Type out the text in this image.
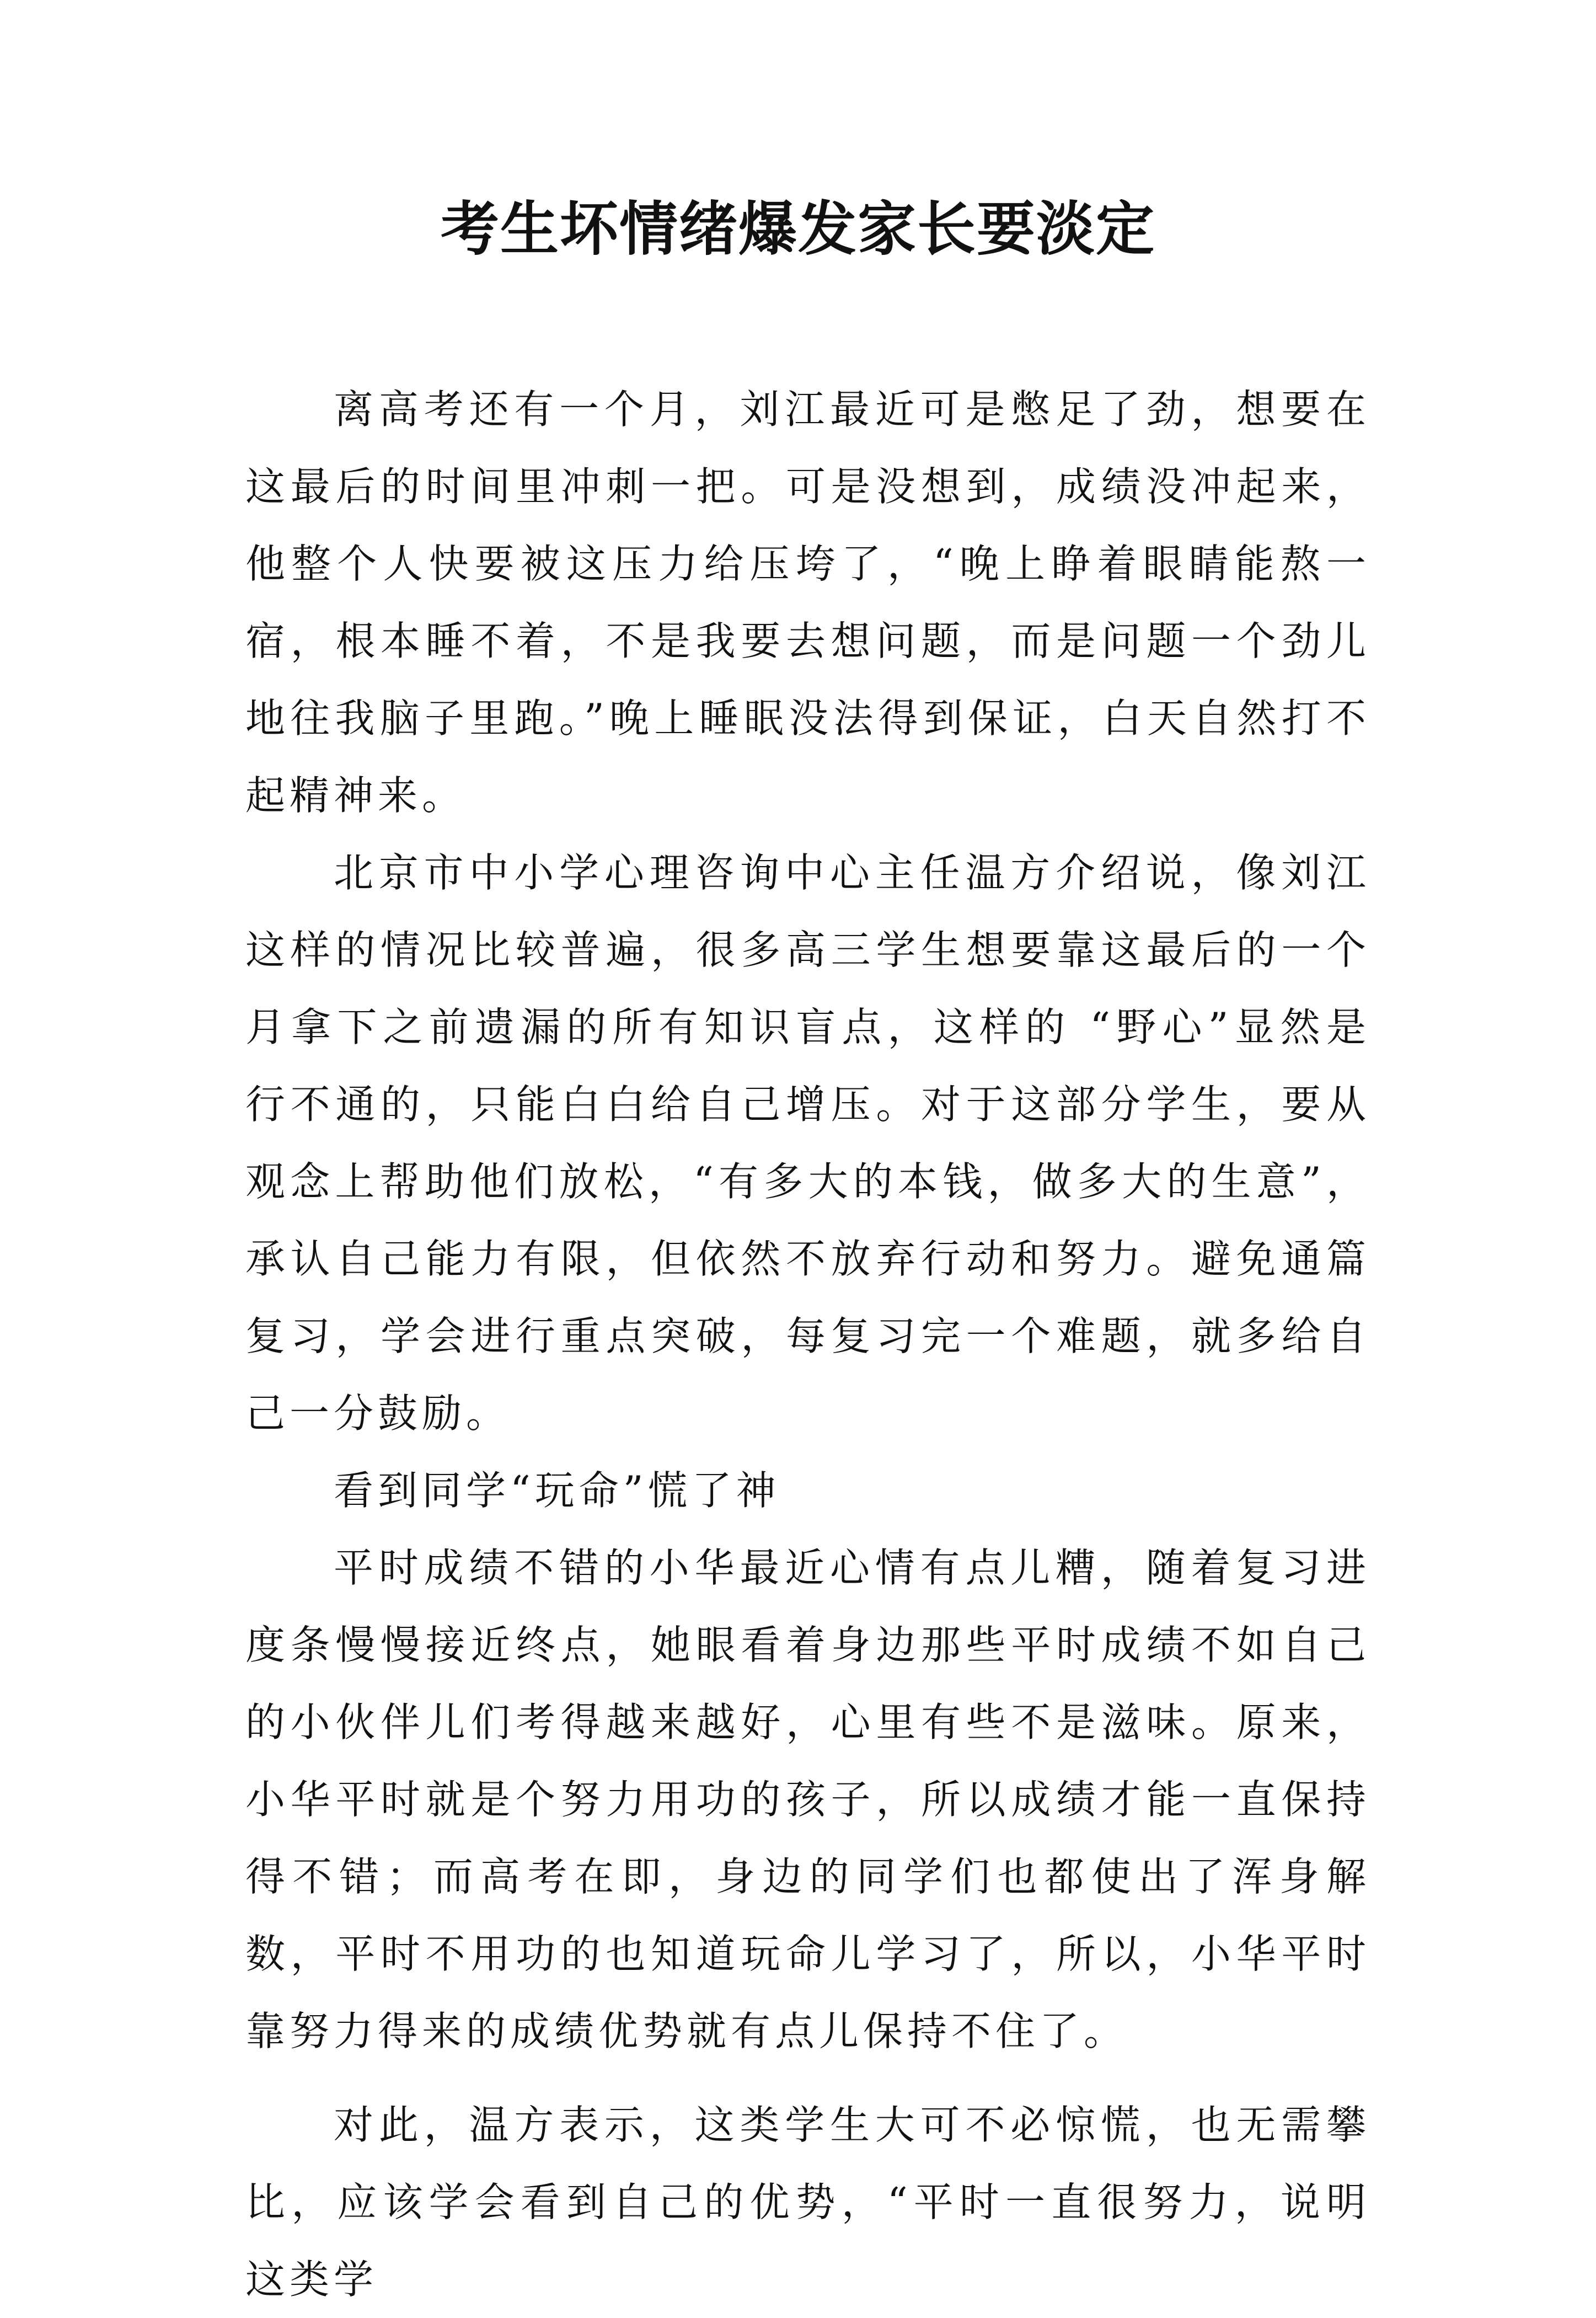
考生坏情绪爆发家长要淡定

离高考还有一个月，刘江最近可是憋足了劲，想要在这最后的时间里冲刺一把。可是没想到，成绩没冲起来，他整个人快要被这压力给压垮了，“晚上睁着眼睛能熬一宿，根本睡不着，不是我要去想问题，而是问题一个劲儿地往我脑子里跑。”晚上睡眠没法得到保证，白天自然打不起精神来。

北京市中小学心理咨询中心主任温方介绍说，像刘江这样的情况比较普遍，很多高三学生想要靠这最后的一个月拿下之前遗漏的所有知识盲点，这样的 “野心”显然是行不通的，只能白白给自己增压。对于这部分学生，要从观念上帮助他们放松，“有多大的本钱，做多大的生意”，承认自己能力有限，但依然不放弃行动和努力。避免通篇复习，学会进行重点突破，每复习完一个难题，就多给自己一分鼓励。

看到同学“玩命”慌了神

平时成绩不错的小华最近心情有点儿糟，随着复习进度条慢慢接近终点，她眼看着身边那些平时成绩不如自己的小伙伴儿们考得越来越好，心里有些不是滋味。原来，小华平时就是个努力用功的孩子，所以成绩才能一直保持得不错；而高考在即，身边的同学们也都使出了浑身解数，平时不用功的也知道玩命儿学习了，所以，小华平时靠努力得来的成绩优势就有点儿保持不住了。

对此，温方表示，这类学生大可不必惊慌，也无需攀比，应该学会看到自己的优势，“平时一直很努力，说明这类学
